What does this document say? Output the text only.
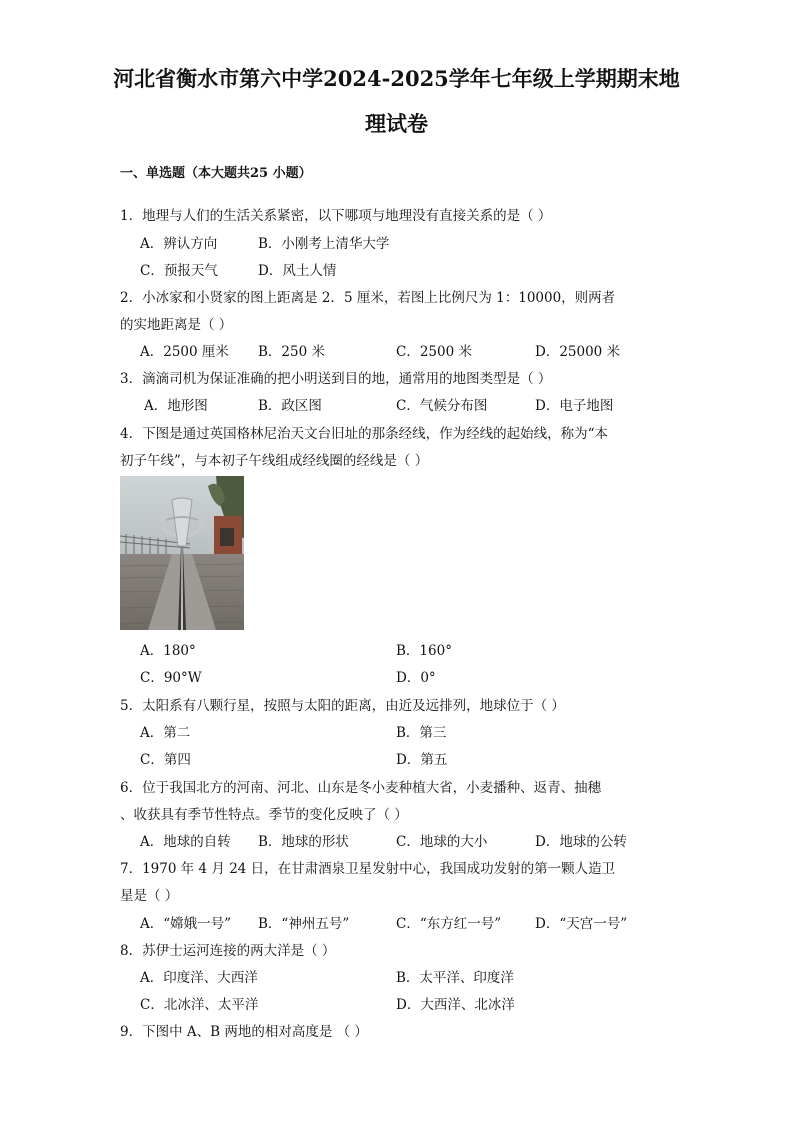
河北省衡水市第六中学2024-2025学年七年级上学期期末地
理试卷
一、单选题（本大题共25 小题）
1．地理与人们的生活关系紧密，以下哪项与地理没有直接关系的是（ ）
A．辨认方向	B．小刚考上清华大学
C．预报天气	D．风土人情
2．小冰家和小贤家的图上距离是 2．5 厘米，若图上比例尺为 1：10000，则两者
的实地距离是（ ）
A．2500 厘米 B．250 米	C．2500 米	D．25000 米
3．滴滴司机为保证准确的把小明送到目的地，通常用的地图类型是（ ）
A．地形图	B．政区图	C．气候分布图	D．电子地图
4．下图是通过英国格林尼治天文台旧址的那条经线，作为经线的起始线，称为“本
初子午线”，与本初子午线组成经线圈的经线是（ ）
A．180°	B．160°
C．90°W	D．0°
5．太阳系有八颗行星，按照与太阳的距离，由近及远排列，地球位于（ ）
A．第二	B．第三
C．第四	D．第五
6．位于我国北方的河南、河北、山东是冬小麦种植大省，小麦播种、返青、抽穗
、收获具有季节性特点。季节的变化反映了（ ）
A．地球的自转 B．地球的形状	C．地球的大小	D．地球的公转
7．1970 年 4 月 24 日，在甘肃酒泉卫星发射中心，我国成功发射的第一颗人造卫
星是（ ）
A．“嫦娥一号” B．“神州五号”	C．“东方红一号”	D．“天宫一号”
8．苏伊士运河连接的两大洋是（ ）
A．印度洋、大西洋	B．太平洋、印度洋
C．北冰洋、太平洋	D．大西洋、北冰洋
9．下图中 A、B 两地的相对高度是 （ ）
